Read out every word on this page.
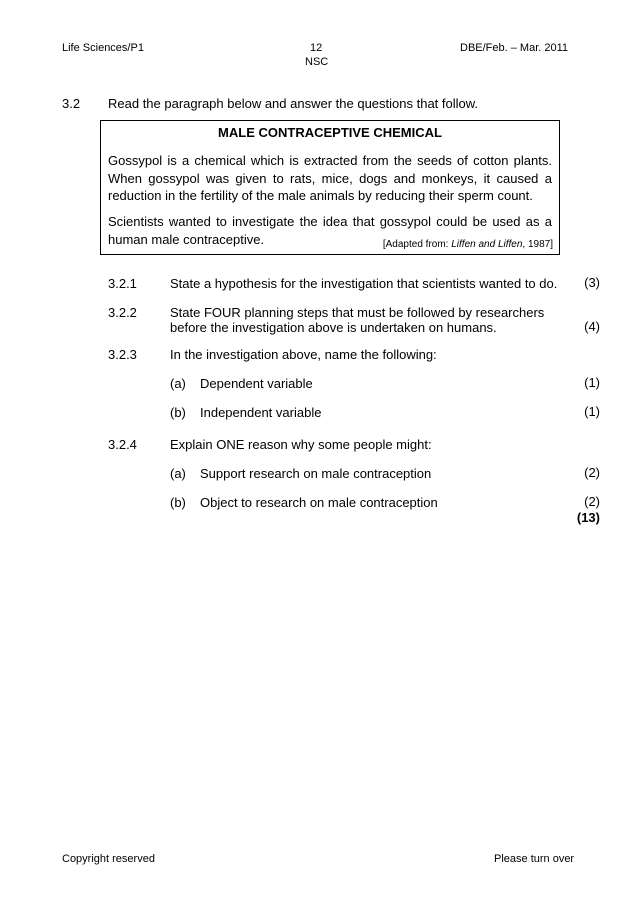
Life Sciences/P1	12
NSC
DBE/Feb. – Mar. 2011
3.2 Read the paragraph below and answer the questions that follow.
MALE CONTRACEPTIVE CHEMICAL
Gossypol is a chemical which is extracted from the seeds of cotton plants. When gossypol was given to rats, mice, dogs and monkeys, it caused a reduction in the fertility of the male animals by reducing their sperm count.
Scientists wanted to investigate the idea that gossypol could be used as a human male contraceptive.	[Adapted from: Liffen and Liffen, 1987]
3.2.1	State a hypothesis for the investigation that scientists wanted to do. (3)
3.2.2	State FOUR planning steps that must be followed by researchers
before the investigation above is undertaken on humans.	(4)
3.2.3	In the investigation above, name the following:
(a) Dependent variable	(1)
(b) Independent variable	(1)
3.2.4	Explain ONE reason why some people might:
(a) Support research on male contraception	(2)
(b) Object to research on male contraception	(2)
(13)
Copyright reserved	Please turn over
